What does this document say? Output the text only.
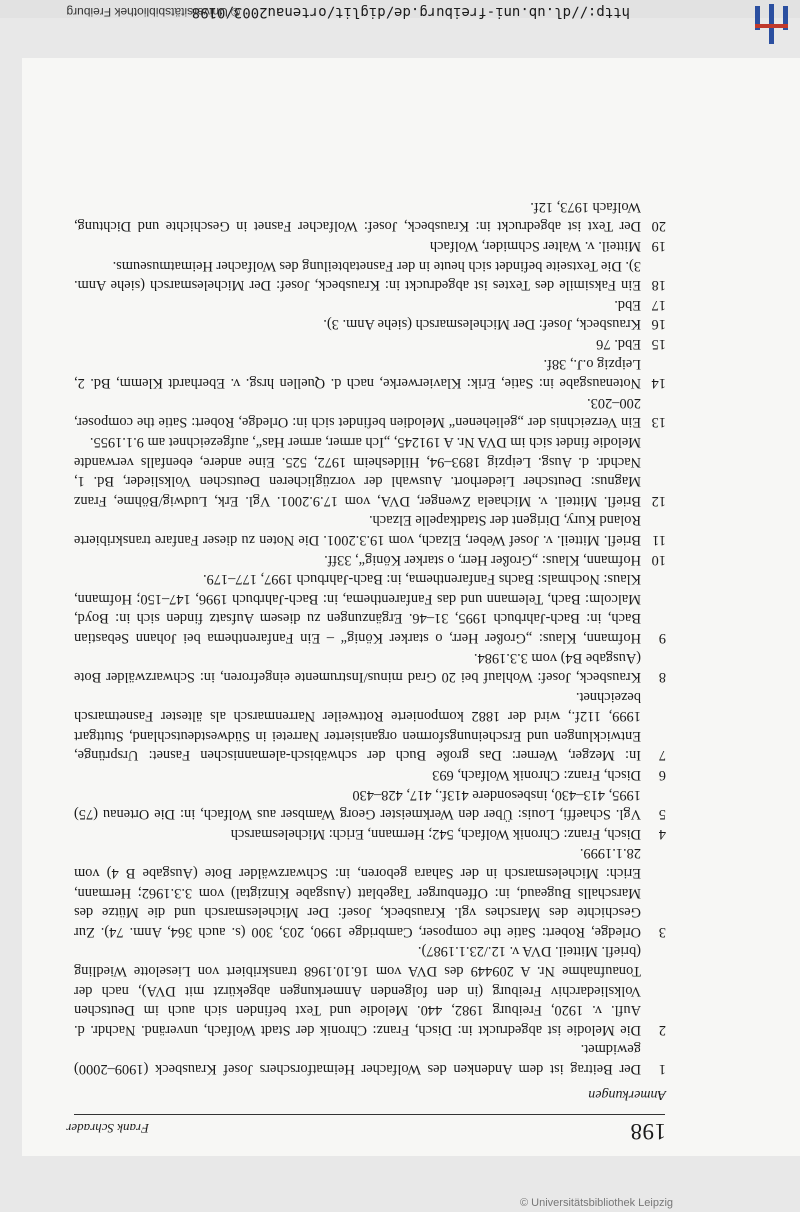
198
Frank Schrader
Anmerkungen
1
Der Beitrag ist dem Andenken des Wolfacher Heimatforschers Josef Krausbeck (1909–2000) gewidmet.
2
Die Melodie ist abgedruckt in: Disch, Franz: Chronik der Stadt Wolfach, unveränd. Nachdr. d. Aufl. v. 1920, Freiburg 1982, 440. Melodie und Text befinden sich auch im Deutschen Volksliedarchiv Freiburg (in den folgenden Anmerkungen abgekürzt mit DVA), nach der Tonaufnahme Nr. A 209449 des DVA vom 16.10.1968 transkribiert von Lieselotte Wiedling (briefl. Mitteil. DVA v. 12./23.1.1987).
3
Orledge, Robert: Satie the composer, Cambridge 1990, 203, 300 (s. auch 364, Anm. 74). Zur Geschichte des Marsches vgl. Krausbeck, Josef: Der Michelesmarsch und die Mütze des Marschalls Bugeaud, in: Offenburger Tageblatt (Ausgabe Kinzigtal) vom 3.3.1962; Hermann, Erich: Michelesmarsch in der Sahara geboren, in: Schwarzwälder Bote (Ausgabe B 4) vom 28.1.1999.
4
Disch, Franz: Chronik Wolfach, 542; Hermann, Erich: Michelesmarsch
5
Vgl. Schaeffi, Louis: Über den Werkmeister Georg Wambser aus Wolfach, in: Die Ortenau (75) 1995, 413–430, insbesondere 413f., 417, 428–430
6
Disch, Franz: Chronik Wolfach, 693
7
In: Mezger, Werner: Das große Buch der schwäbisch-alemannischen Fasnet: Ursprünge, Entwicklungen und Erscheinungsformen organisierter Narretei in Südwestdeutschland, Stuttgart 1999, 112f., wird der 1882 komponierte Rottweiler Narrenmarsch als ältester Fasnetmarsch bezeichnet.
8
Krausbeck, Josef: Wohlauf bei 20 Grad minus/Instrumente eingefroren, in: Schwarzwälder Bote (Ausgabe B4) vom 3.3.1984.
9
Hofmann, Klaus: „Großer Herr, o starker König“ – Ein Fanfarenthema bei Johann Sebastian Bach, in: Bach-Jahrbuch 1995, 31–46. Ergänzungen zu diesem Aufsatz finden sich in: Boyd, Malcolm: Bach, Telemann und das Fanfarenthema, in: Bach-Jahrbuch 1996, 147–150; Hofmann, Klaus: Nochmals: Bachs Fanfarenthema, in: Bach-Jahrbuch 1997, 177–179.
10
Hofmann, Klaus: „Großer Herr, o starker König“, 33ff.
11
Briefl. Mitteil. v. Josef Weber, Elzach, vom 19.3.2001. Die Noten zu dieser Fanfare transkribierte Roland Kury, Dirigent der Stadtkapelle Elzach.
12
Briefl. Mitteil. v. Michaela Zwenger, DVA, vom 17.9.2001. Vgl. Erk, Ludwig/Böhme, Franz Magnus: Deutscher Liederhort. Auswahl der vorzüglicheren Deutschen Volkslieder, Bd. 1, Nachdr. d. Ausg. Leipzig 1893–94, Hildesheim 1972, 525. Eine andere, ebenfalls verwandte Melodie findet sich im DVA Nr. A 191245, „Ich armer, armer Has“, aufgezeichnet am 9.1.1955.
13
Ein Verzeichnis der „geliehenen“ Melodien befindet sich in: Orledge, Robert: Satie the composer, 200–203.
14
Notenausgabe in: Satie, Erik: Klavierwerke, nach d. Quellen hrsg. v. Eberhardt Klemm, Bd. 2, Leipzig o.J., 38f.
15
Ebd. 76
16
Krausbeck, Josef: Der Michelesmarsch (siehe Anm. 3).
17
Ebd.
18
Ein Faksimile des Textes ist abgedruckt in: Krausbeck, Josef: Der Michelesmarsch (siehe Anm. 3). Die Textseite befindet sich heute in der Fasnetabteilung des Wolfacher Heimatmuseums.
19
Mitteil. v. Walter Schmider, Wolfach
20
Der Text ist abgedruckt in: Krausbeck, Josef: Wolfacher Fasnet in Geschichte und Dichtung, Wolfach 1973, 12f.
http://dl.ub.uni-freiburg.de/diglit/ortenau2003/0198
© Universitätsbibliothek Freiburg
© Universitätsbibliothek Leipzig
